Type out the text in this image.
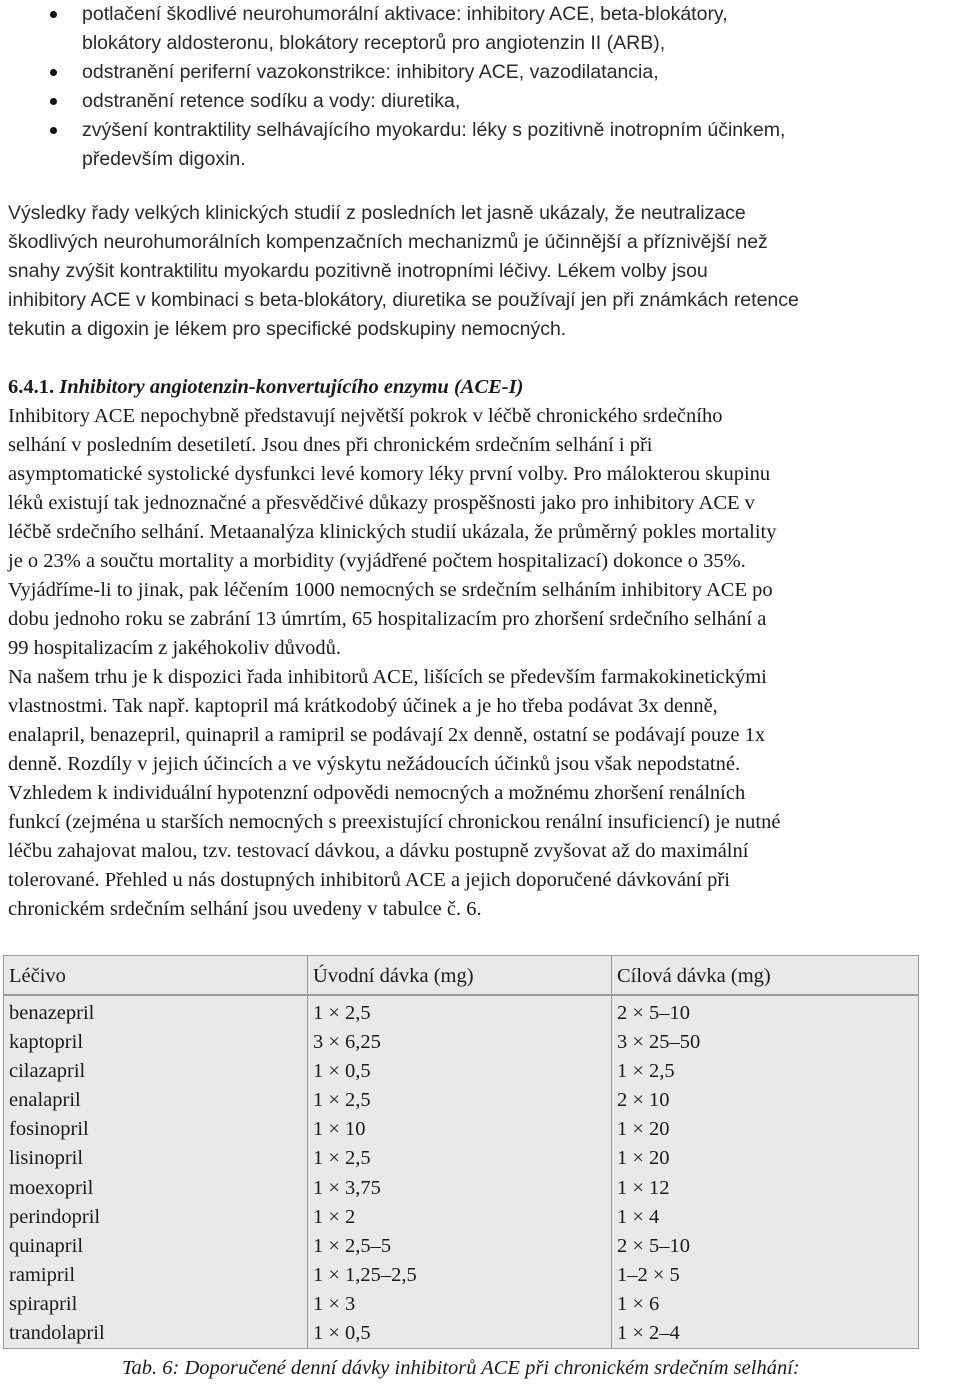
potlačení škodlivé neurohumorální aktivace: inhibitory ACE, beta-blokátory,
blokátory aldosteronu, blokátory receptorů pro angiotenzin II (ARB),
odstranění periferní vazokonstrikce: inhibitory ACE, vazodilatancia,
odstranění retence sodíku a vody: diuretika,
zvýšení kontraktility selhávajícího myokardu: léky s pozitivně inotropním účinkem,
především digoxin.
Výsledky řady velkých klinických studií z posledních let jasně ukázaly, že neutralizace
škodlivých neurohumorálních kompenzačních mechanizmů je účinnější a příznivější než
snahy zvýšit kontraktilitu myokardu pozitivně inotropními léčivy. Lékem volby jsou
inhibitory ACE v kombinaci s beta-blokátory, diuretika se používají jen při známkách retence
tekutin a digoxin je lékem pro specifické podskupiny nemocných.
6.4.1. Inhibitory angiotenzin-konvertujícího enzymu (ACE-I)
Inhibitory ACE nepochybně představují největší pokrok v léčbě chronického srdečního
selhání v posledním desetiletí. Jsou dnes při chronickém srdečním selhání i při
asymptomatické systolické dysfunkci levé komory léky první volby. Pro málokterou skupinu
léků existují tak jednoznačné a přesvědčivé důkazy prospěšnosti jako pro inhibitory ACE v
léčbě srdečního selhání. Metaanalýza klinických studií ukázala, že průměrný pokles mortality
je o 23% a součtu mortality a morbidity (vyjádřené počtem hospitalizací) dokonce o 35%.
Vyjádříme-li to jinak, pak léčením 1000 nemocných se srdečním selháním inhibitory ACE po
dobu jednoho roku se zabrání 13 úmrtím, 65 hospitalizacím pro zhoršení srdečního selhání a
99 hospitalizacím z jakéhokoliv důvodů.
Na našem trhu je k dispozici řada inhibitorů ACE, lišících se především farmakokinetickými
vlastnostmi. Tak např. kaptopril má krátkodobý účinek a je ho třeba podávat 3x denně,
enalapril, benazepril, quinapril a ramipril se podávají 2x denně, ostatní se podávají pouze 1x
denně. Rozdíly v jejich účincích a ve výskytu nežádoucích účinků jsou však nepodstatné.
Vzhledem k individuální hypotenzní odpovědi nemocných a možnému zhoršení renálních
funkcí (zejména u starších nemocných s preexistující chronickou renální insuficiencí) je nutné
léčbu zahajovat malou, tzv. testovací dávkou, a dávku postupně zvyšovat až do maximální
tolerované. Přehled u nás dostupných inhibitorů ACE a jejich doporučené dávkování při
chronickém srdečním selhání jsou uvedeny v tabulce č. 6.
Léčivo	Úvodní dávka (mg)	Cílová dávka (mg)
benazepril
kaptopril
cilazapril
enalapril
fosinopril
lisinopril
moexopril
perindopril
quinapril
ramipril
spirapril
trandolapril
1 × 2,5
3 × 6,25
1 × 0,5
1 × 2,5
1 × 10
1 × 2,5
1 × 3,75
1 × 2
1 × 2,5–5
1 × 1,25–2,5
1 × 3
1 × 0,5
2 × 5–10
3 × 25–50
1 × 2,5
2 × 10
1 × 20
1 × 20
1 × 12
1 × 4
2 × 5–10
1–2 × 5
1 × 6
1 × 2–4
Tab. 6: Doporučené denní dávky inhibitorů ACE při chronickém srdečním selhání:
